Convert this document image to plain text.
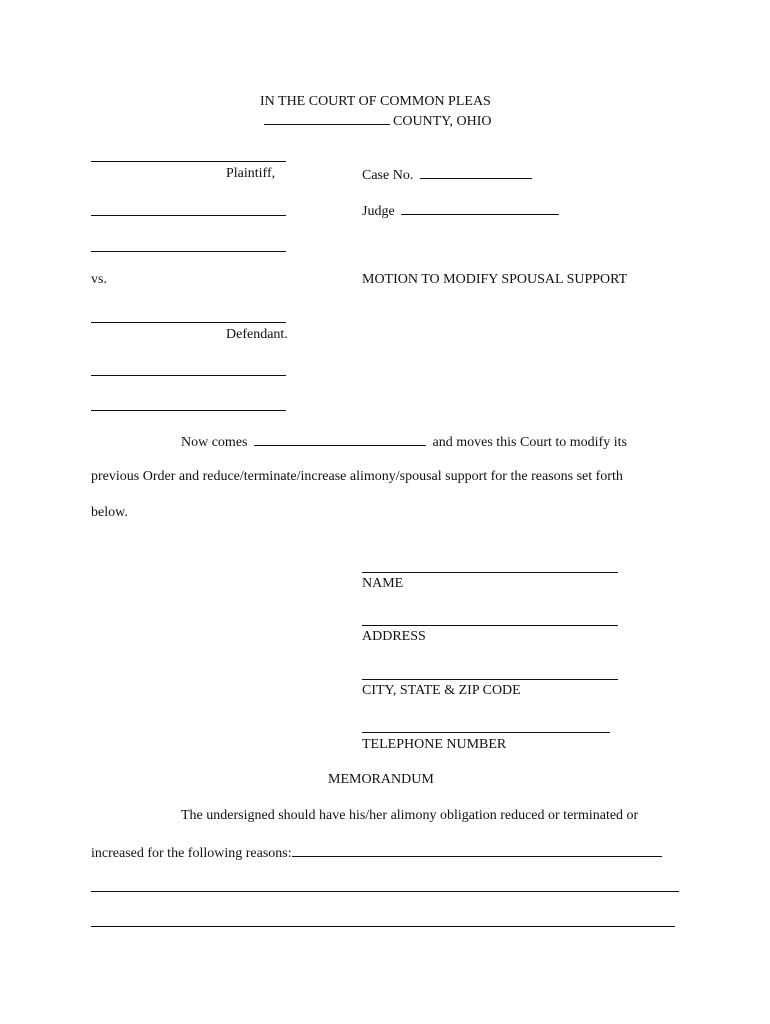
IN THE COURT OF COMMON PLEAS
COUNTY, OHIO
Plaintiff,
vs.
Defendant.
Case No.
Judge
MOTION TO MODIFY SPOUSAL SUPPORT
Now comes	and moves this Court to modify its
previous Order and reduce/terminate/increase alimony/spousal support for the reasons set forth
below.
NAME
ADDRESS
CITY, STATE & ZIP CODE
TELEPHONE NUMBER
MEMORANDUM
The undersigned should have his/her alimony obligation reduced or terminated or
increased for the following reasons:
